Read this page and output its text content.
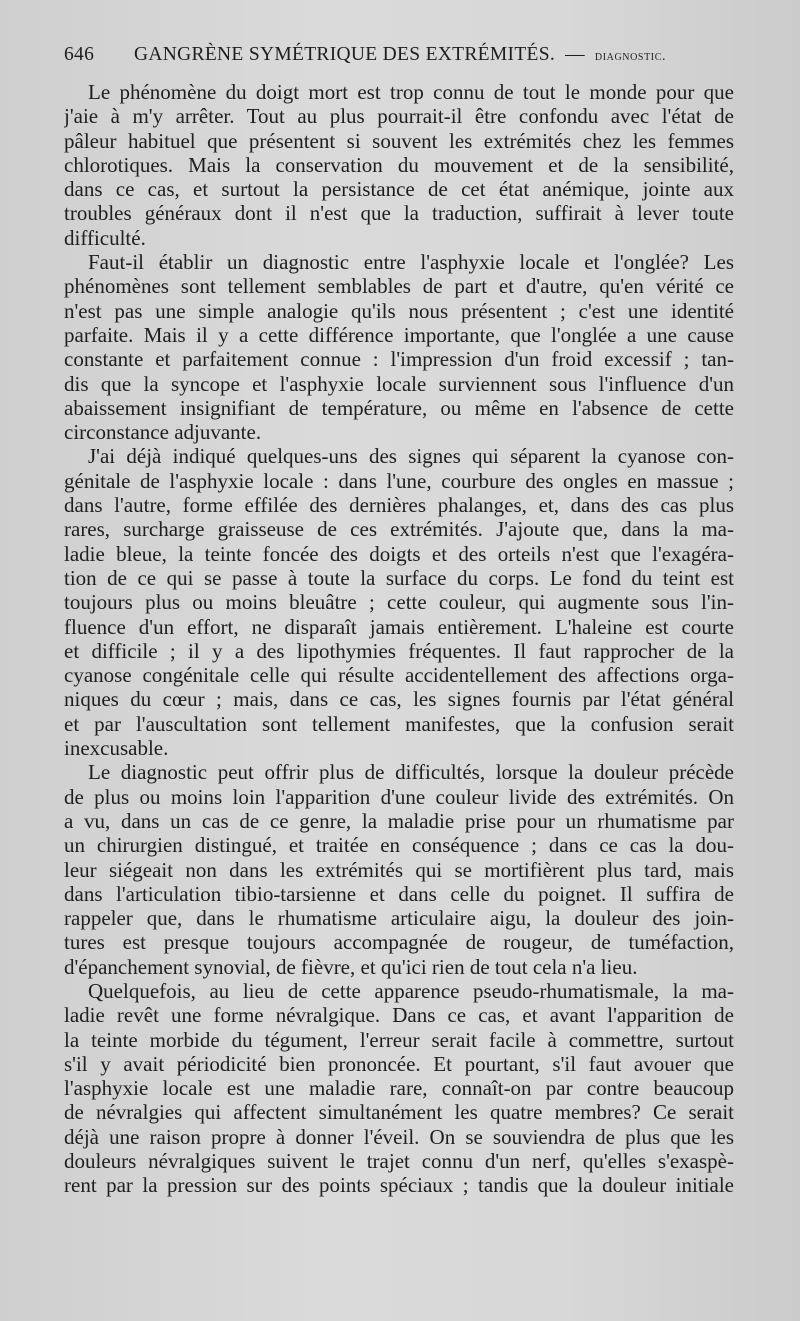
646	GANGRÈNE SYMÉTRIQUE DES EXTRÉMITÉS. — diagnostic.
Le phénomène du doigt mort est trop connu de tout le monde pour que
j'aie à m'y arrêter. Tout au plus pourrait-il être confondu avec l'état de
pâleur habituel que présentent si souvent les extrémités chez les femmes
chlorotiques. Mais la conservation du mouvement et de la sensibilité,
dans ce cas, et surtout la persistance de cet état anémique, jointe aux
troubles généraux dont il n'est que la traduction, suffirait à lever toute
difficulté.
Faut-il établir un diagnostic entre l'asphyxie locale et l'onglée? Les
phénomènes sont tellement semblables de part et d'autre, qu'en vérité ce
n'est pas une simple analogie qu'ils nous présentent ; c'est une identité
parfaite. Mais il y a cette différence importante, que l'onglée a une cause
constante et parfaitement connue : l'impression d'un froid excessif ; tan-
dis que la syncope et l'asphyxie locale surviennent sous l'influence d'un
abaissement insignifiant de température, ou même en l'absence de cette
circonstance adjuvante.
J'ai déjà indiqué quelques-uns des signes qui séparent la cyanose con-
génitale de l'asphyxie locale : dans l'une, courbure des ongles en massue ;
dans l'autre, forme effilée des dernières phalanges, et, dans des cas plus
rares, surcharge graisseuse de ces extrémités. J'ajoute que, dans la ma-
ladie bleue, la teinte foncée des doigts et des orteils n'est que l'exagéra-
tion de ce qui se passe à toute la surface du corps. Le fond du teint est
toujours plus ou moins bleuâtre ; cette couleur, qui augmente sous l'in-
fluence d'un effort, ne disparaît jamais entièrement. L'haleine est courte
et difficile ; il y a des lipothymies fréquentes. Il faut rapprocher de la
cyanose congénitale celle qui résulte accidentellement des affections orga-
niques du cœur ; mais, dans ce cas, les signes fournis par l'état général
et par l'auscultation sont tellement manifestes, que la confusion serait
inexcusable.
Le diagnostic peut offrir plus de difficultés, lorsque la douleur précède
de plus ou moins loin l'apparition d'une couleur livide des extrémités. On
a vu, dans un cas de ce genre, la maladie prise pour un rhumatisme par
un chirurgien distingué, et traitée en conséquence ; dans ce cas la dou-
leur siégeait non dans les extrémités qui se mortifièrent plus tard, mais
dans l'articulation tibio-tarsienne et dans celle du poignet. Il suffira de
rappeler que, dans le rhumatisme articulaire aigu, la douleur des join-
tures est presque toujours accompagnée de rougeur, de tuméfaction,
d'épanchement synovial, de fièvre, et qu'ici rien de tout cela n'a lieu.
Quelquefois, au lieu de cette apparence pseudo-rhumatismale, la ma-
ladie revêt une forme névralgique. Dans ce cas, et avant l'apparition de
la teinte morbide du tégument, l'erreur serait facile à commettre, surtout
s'il y avait périodicité bien prononcée. Et pourtant, s'il faut avouer que
l'asphyxie locale est une maladie rare, connaît-on par contre beaucoup
de névralgies qui affectent simultanément les quatre membres? Ce serait
déjà une raison propre à donner l'éveil. On se souviendra de plus que les
douleurs névralgiques suivent le trajet connu d'un nerf, qu'elles s'exaspè-
rent par la pression sur des points spéciaux ; tandis que la douleur initiale
